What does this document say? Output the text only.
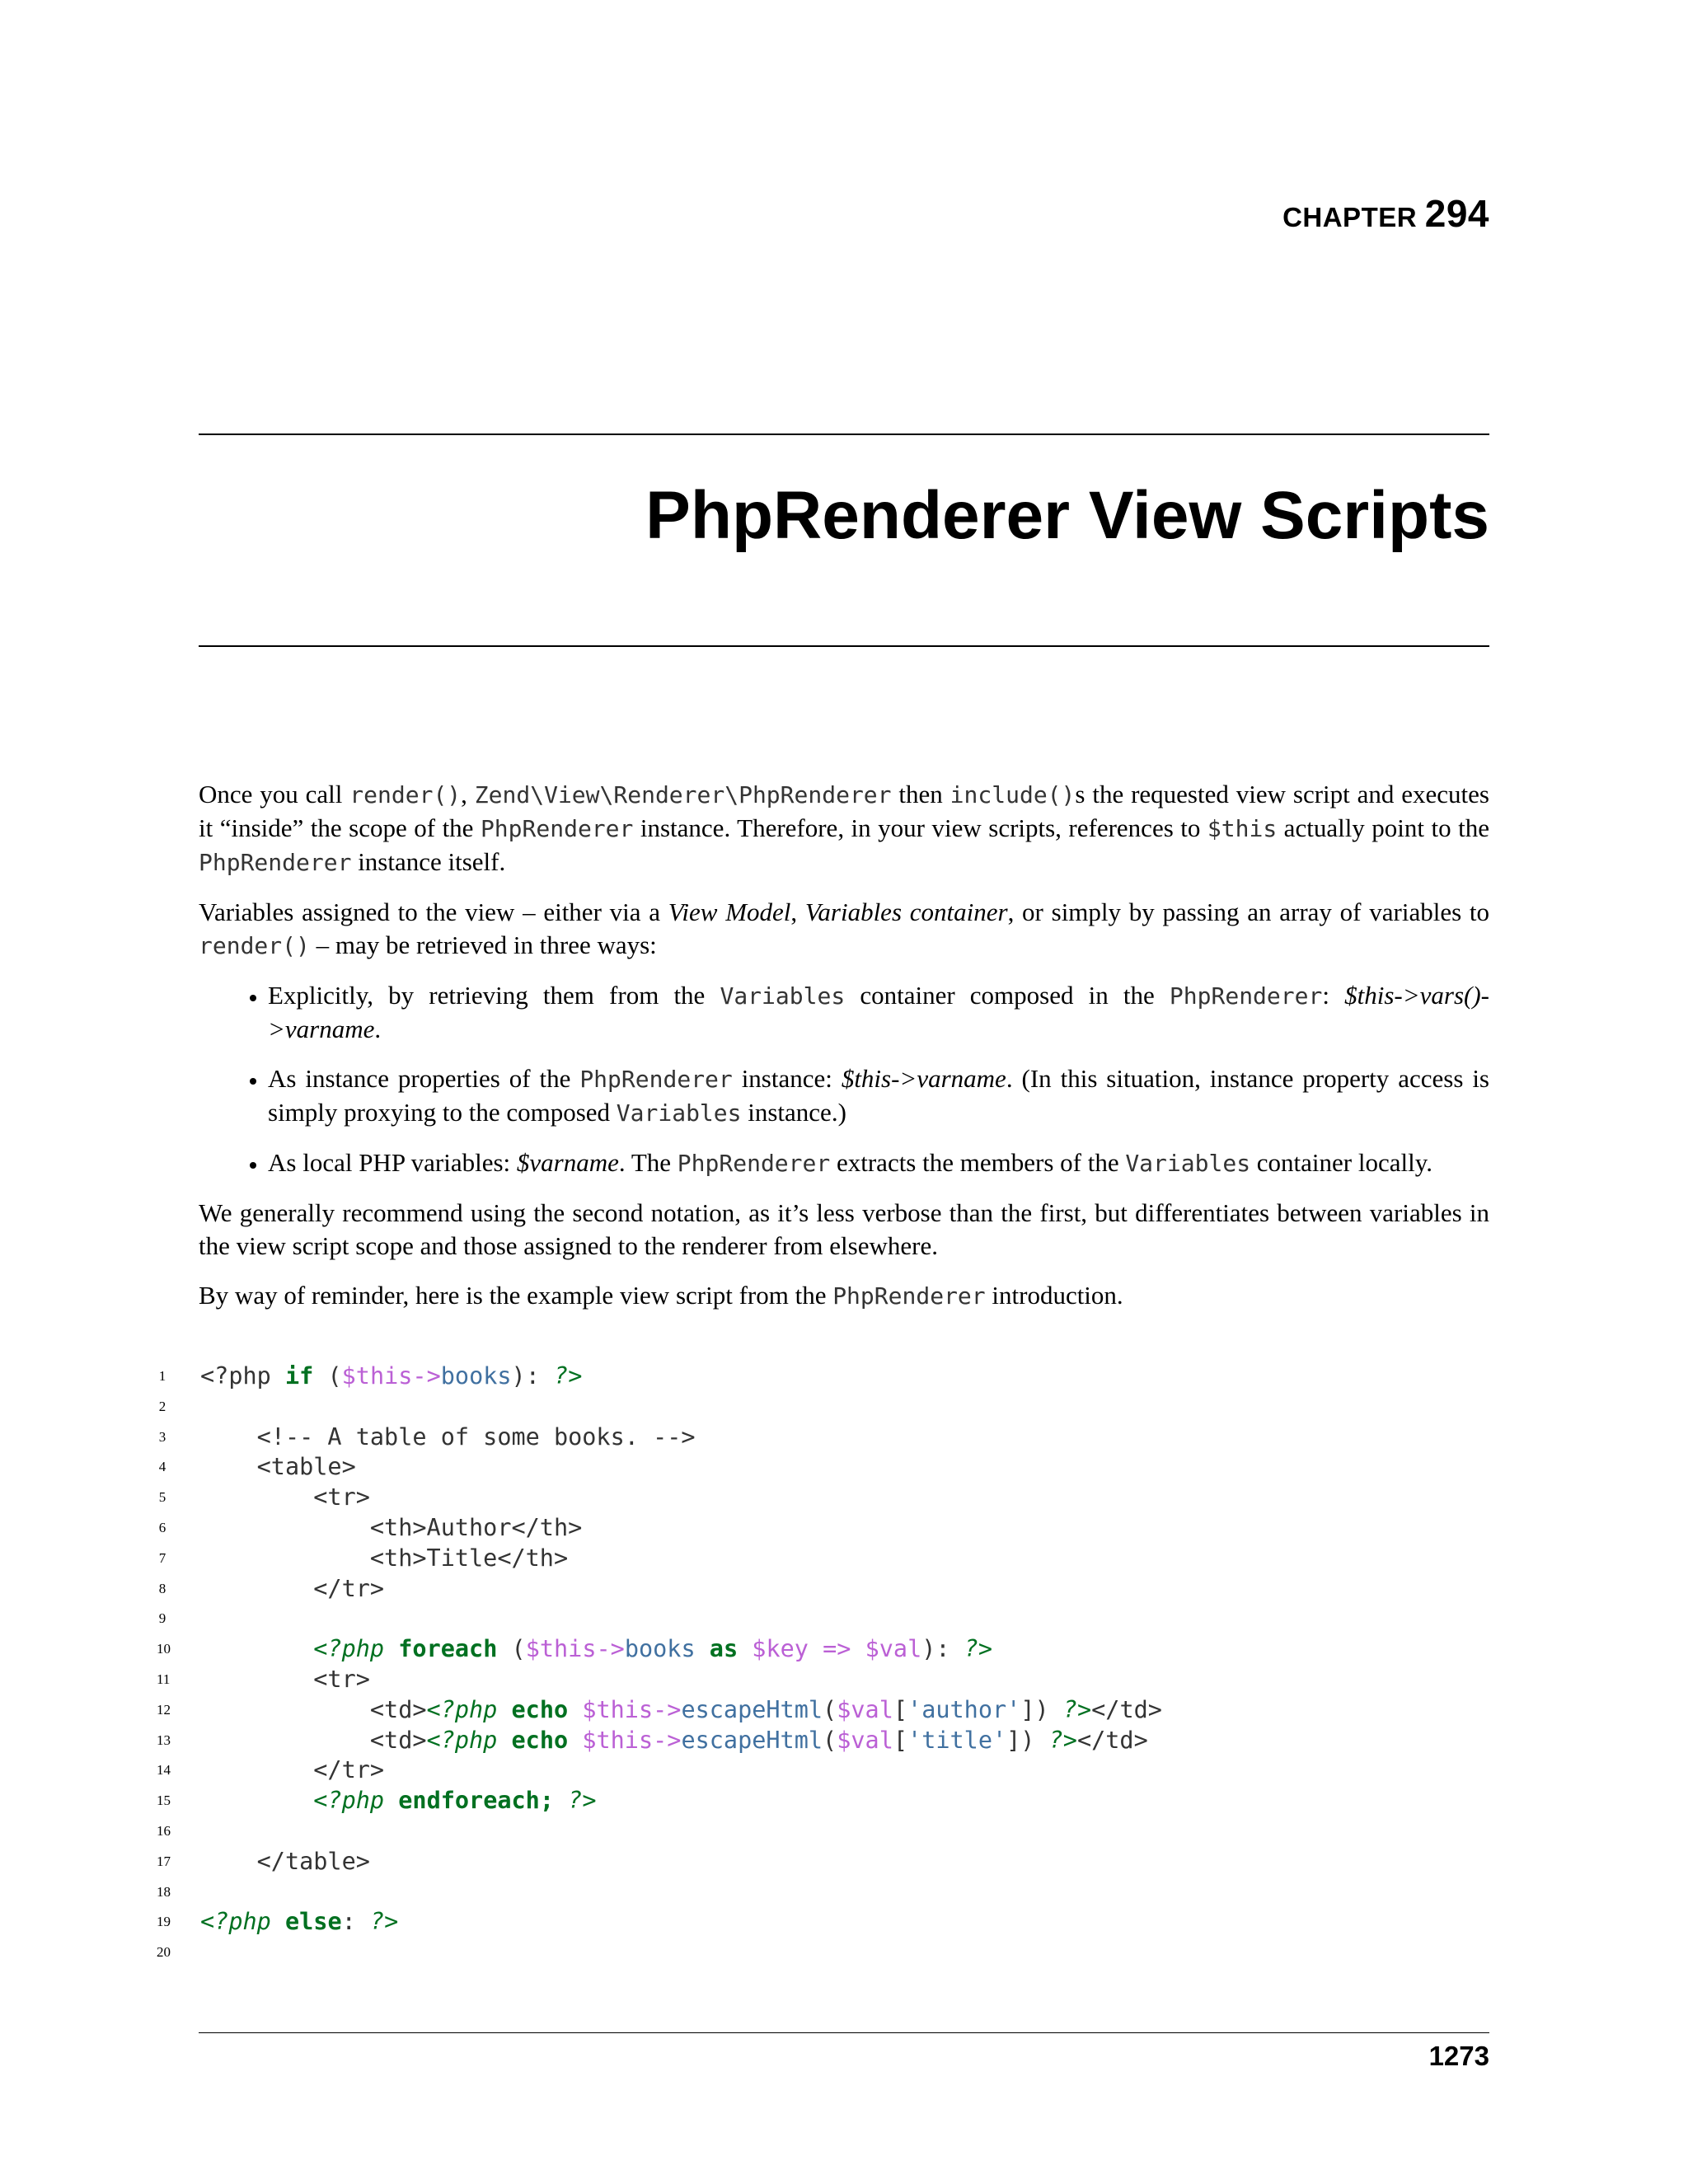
CHAPTER 294
PhpRenderer View Scripts

Once you call render(), Zend\View\Renderer\PhpRenderer then include()s the requested view script and executes it “inside” the scope of the PhpRenderer instance. Therefore, in your view scripts, references to $this actually point to the PhpRenderer instance itself.

Variables assigned to the view – either via a View Model, Variables container, or simply by passing an array of variables to render() – may be retrieved in three ways:

• Explicitly, by retrieving them from the Variables container composed in the PhpRenderer: $this->vars()->varname.
• As instance properties of the PhpRenderer instance: $this->varname. (In this situation, instance property access is simply proxying to the composed Variables instance.)
• As local PHP variables: $varname. The PhpRenderer extracts the members of the Variables container locally.

We generally recommend using the second notation, as it’s less verbose than the first, but differentiates between variables in the view script scope and those assigned to the renderer from elsewhere.

By way of reminder, here is the example view script from the PhpRenderer introduction.

1 <?php if ($this->books): ?>
2
3 <!-- A table of some books. -->
4 <table>
5 <tr>
6 <th>Author</th>
7 <th>Title</th>
8 </tr>
9
10	<?php foreach ($this->books as $key => $val): ?>
11 <tr>
12 <td><?php echo $this->escapeHtml($val['author']) ?></td>
13 <td><?php echo $this->escapeHtml($val['title']) ?></td>
14 </tr>
15	<?php endforeach; ?>
16
17 </table>
18
19 <?php else: ?>
20
1273
